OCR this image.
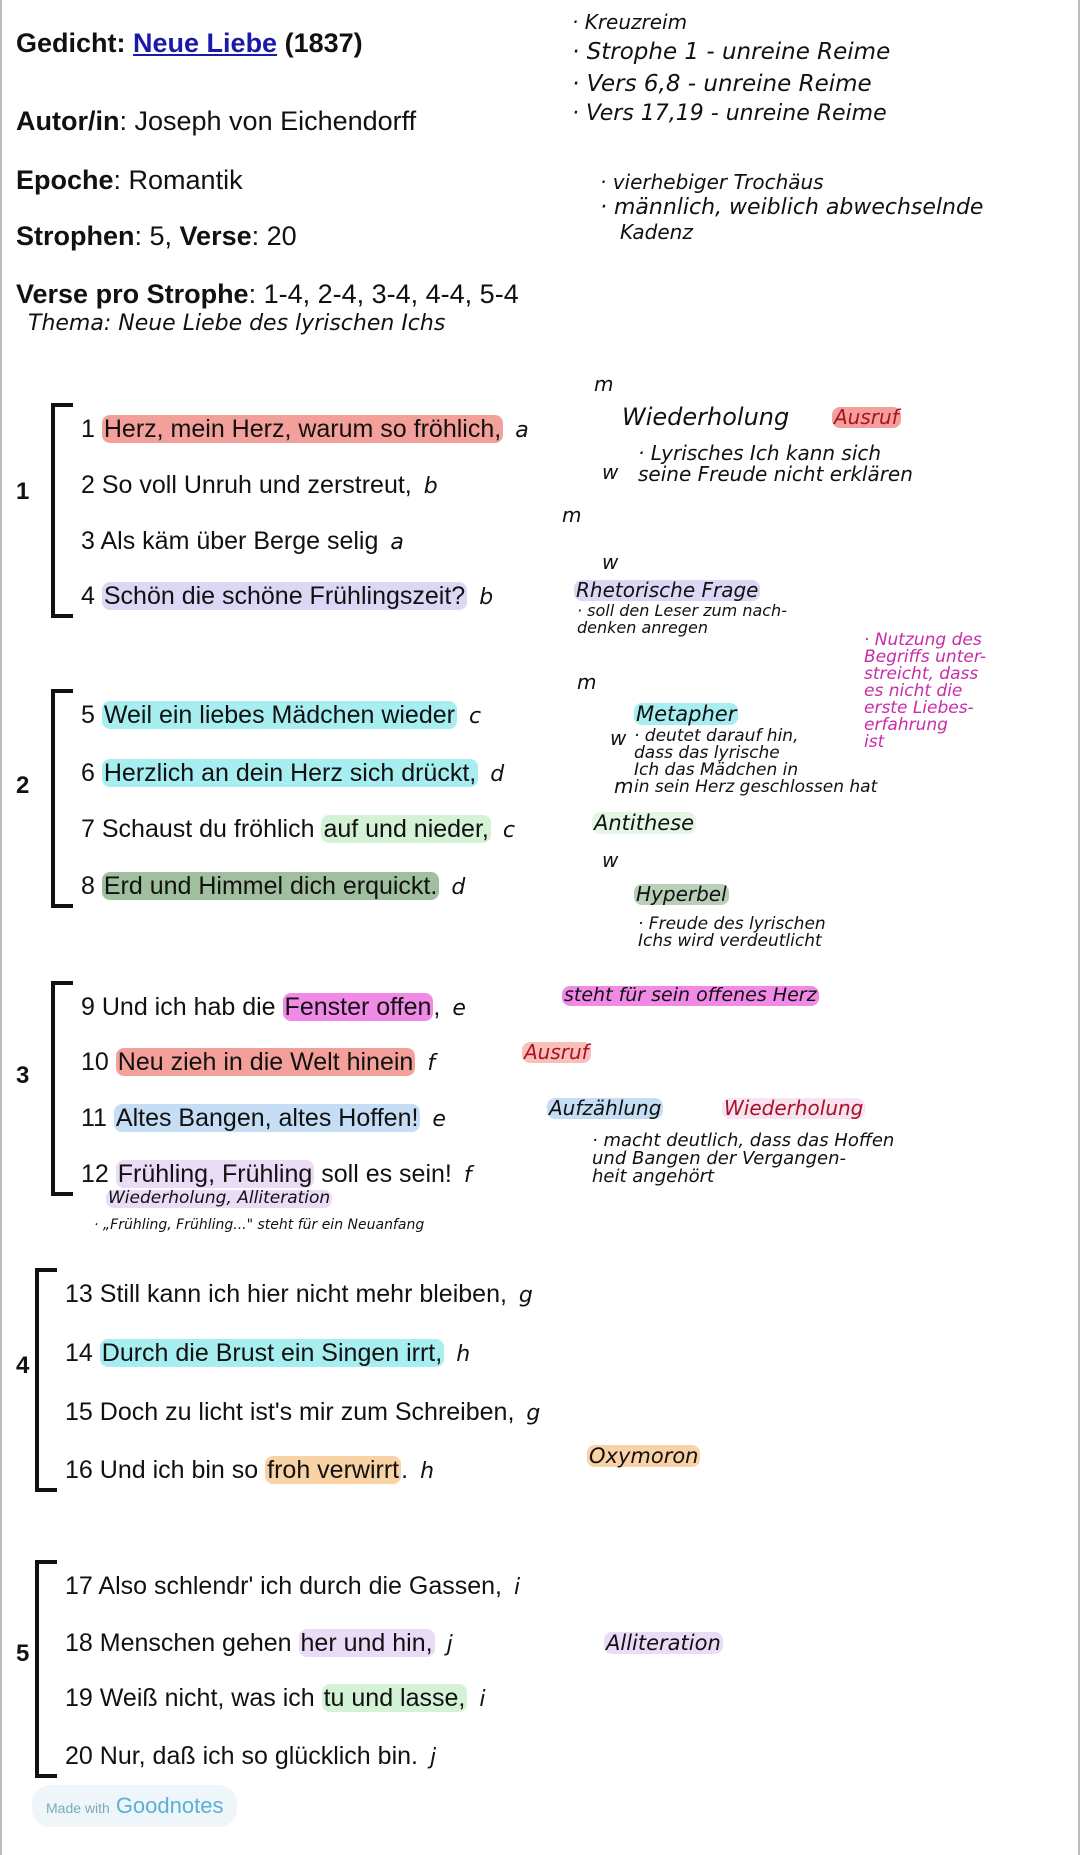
Gedicht: Neue Liebe (1837)
Autor/in: Joseph von Eichendorff
Epoche: Romantik
Strophen: 5, Verse: 20
Verse pro Strophe: 1-4, 2-4, 3-4, 4-4, 5-4
Thema: Neue Liebe des lyrischen Ichs
· Kreuzreim
· Strophe 1 - unreine Reime
· Vers 6,8 - unreine Reime
· Vers 17,19 - unreine Reime
· vierhebiger Trochäus
· männlich, weiblich abwechselnde
Kadenz
1
1 Herz, mein Herz, warum so fröhlich, a
m
2 So voll Unruh und zerstreut, b
w
3 Als käm über Berge selig a
m
4 Schön die schöne Frühlingszeit? b
w
2
5 Weil ein liebes Mädchen wieder c
m
6 Herzlich an dein Herz sich drückt, d
w
7 Schaust du fröhlich auf und nieder, c
m
8 Erd und Himmel dich erquickt. d
w
3
9 Und ich hab die Fenster offen, e
10 Neu zieh in die Welt hinein f
11 Altes Bangen, altes Hoffen! e
12 Frühling, Frühling soll es sein! f
4
13 Still kann ich hier nicht mehr bleiben, g
14 Durch die Brust ein Singen irrt, h
15 Doch zu licht ist's mir zum Schreiben, g
16 Und ich bin so froh verwirrt. h
5
17 Also schlendr' ich durch die Gassen, i
18 Menschen gehen her und hin, j
19 Weiß nicht, was ich tu und lasse, i
20 Nur, daß ich so glücklich bin. j
Wiederholung Ausruf
· Lyrisches Ich kann sich
seine Freude nicht erklären
Rhetorische Frage
· soll den Leser zum nach-
denken anregen
· Nutzung des
Begriffs unter-
streicht, dass
es nicht die
erste Liebes-
erfahrung
ist
Metapher
· deutet darauf hin,
dass das lyrische
Ich das Mädchen in
in sein Herz geschlossen hat
Antithese
Hyperbel
· Freude des lyrischen
Ichs wird verdeutlicht
steht für sein offenes Herz
Ausruf
Aufzählung	Wiederholung
· macht deutlich, dass das Hoffen
und Bangen der Vergangen-
heit angehört
Wiederholung, Alliteration
· „Frühling, Frühling..." steht für ein Neuanfang
Oxymoron
Alliteration
Made with Goodnotes
